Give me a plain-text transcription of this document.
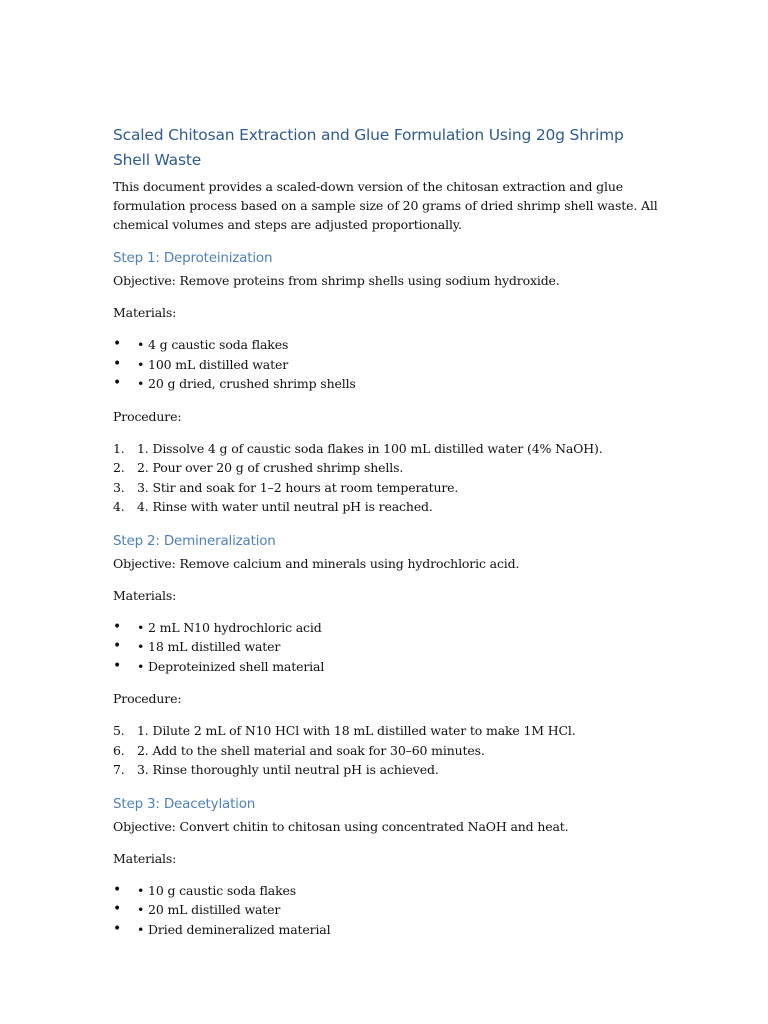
Scaled Chitosan Extraction and Glue Formulation Using 20g Shrimp Shell Waste

This document provides a scaled-down version of the chitosan extraction and glue formulation process based on a sample size of 20 grams of dried shrimp shell waste. All chemical volumes and steps are adjusted proportionally.

Step 1: Deproteinization

Objective: Remove proteins from shrimp shells using sodium hydroxide.

Materials:

•	• 4 g caustic soda flakes
•	• 100 mL distilled water
•	• 20 g dried, crushed shrimp shells

Procedure:

1. 1. Dissolve 4 g of caustic soda flakes in 100 mL distilled water (4% NaOH).
2. 2. Pour over 20 g of crushed shrimp shells.
3. 3. Stir and soak for 1–2 hours at room temperature.
4. 4. Rinse with water until neutral pH is reached.
Step 2: Demineralization

Objective: Remove calcium and minerals using hydrochloric acid.

Materials:

•	• 2 mL N10 hydrochloric acid
•	• 18 mL distilled water
•	• Deproteinized shell material

Procedure:

5. 1. Dilute 2 mL of N10 HCl with 18 mL distilled water to make 1M HCl.
6. 2. Add to the shell material and soak for 30–60 minutes.
7. 3. Rinse thoroughly until neutral pH is achieved.
Step 3: Deacetylation

Objective: Convert chitin to chitosan using concentrated NaOH and heat.

Materials:

•	• 10 g caustic soda flakes
•	• 20 mL distilled water
•	• Dried demineralized material
